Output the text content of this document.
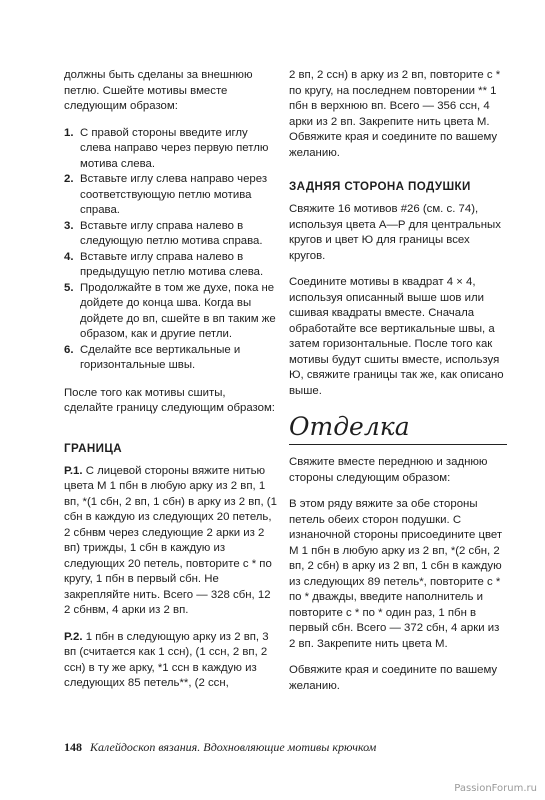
должны быть сделаны за внешнюю петлю. Сшейте мотивы вместе следующим образом:

1. С правой стороны введите иглу слева направо через первую петлю мотива слева.
2. Вставьте иглу слева направо через соответствующую петлю мотива справа.
3. Вставьте иглу справа налево в следующую петлю мотива справа.
4. Вставьте иглу справа налево в предыдущую петлю мотива слева.
5. Продолжайте в том же духе, пока не дойдете до конца шва. Когда вы дойдете до вп, сшейте в вп таким же образом, как и другие петли.
6. Сделайте все вертикальные и горизонтальные швы.

После того как мотивы сшиты, сделайте границу следующим образом:

ГРАНИЦА

Р.1. С лицевой стороны вяжите нитью цвета М 1 пбн в любую арку из 2 вп, 1 вп, *(1 сбн, 2 вп, 1 сбн) в арку из 2 вп, (1 сбн в каждую из следующих 20 петель, 2 сбнвм через следующие 2 арки из 2 вп) трижды, 1 сбн в каждую из следующих 20 петель, повторите с * по кругу, 1 пбн в первый сбн. Не закрепляйте нить. Всего — 328 сбн, 12 2 сбнвм, 4 арки из 2 вп.

Р.2. 1 пбн в следующую арку из 2 вп, 3 вп (считается как 1 ссн), (1 ссн, 2 вп, 2 ссн) в ту же арку, *1 ссн в каждую из следующих 85 петель**, (2 ссн,

2 вп, 2 ссн) в арку из 2 вп, повторите с * по кругу, на последнем повторении ** 1 пбн в верхнюю вп. Всего — 356 ссн, 4 арки из 2 вп. Закрепите нить цвета М. Обвяжите края и соедините по вашему желанию.

ЗАДНЯЯ СТОРОНА ПОДУШКИ

Свяжите 16 мотивов #26 (см. с. 74), используя цвета А—Р для центральных кругов и цвет Ю для границы всех кругов.

Соедините мотивы в квадрат 4 × 4, используя описанный выше шов или сшивая квадраты вместе. Сначала обработайте все вертикальные швы, а затем горизонтальные. После того как мотивы будут сшиты вместе, используя Ю, свяжите границы так же, как описано выше.

Отделка

Свяжите вместе переднюю и заднюю стороны следующим образом:

В этом ряду вяжите за обе стороны петель обеих сторон подушки. С изнаночной стороны присоедините цвет М 1 пбн в любую арку из 2 вп, *(2 сбн, 2 вп, 2 сбн) в арку из 2 вп, 1 сбн в каждую из следующих 89 петель*, повторите с * по * дважды, введите наполнитель и повторите с * по * один раз, 1 пбн в первый сбн. Всего — 372 сбн, 4 арки из 2 вп. Закрепите нить цвета М.

Обвяжите края и соедините по вашему желанию.

148 Калейдоскоп вязания. Вдохновляющие мотивы крючком
PassionForum.ru
